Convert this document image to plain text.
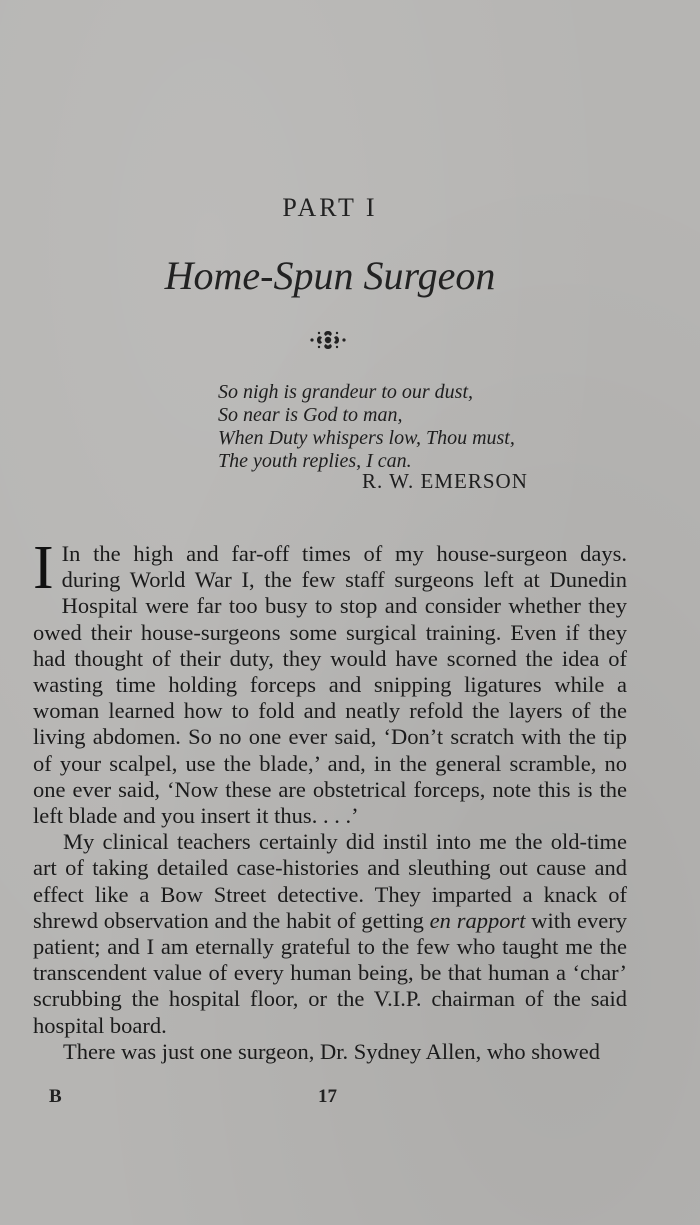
PART I
Home-Spun Surgeon
So nigh is grandeur to our dust,
So near is God to man,
When Duty whispers low, Thou must,
The youth replies, I can.
R. W. EMERSON

I In the high and far-off times of my house-surgeon days. during World War I, the few staff surgeons left at Dunedin Hospital were far too busy to stop and consider whether they owed their house-surgeons some surgical training. Even if they had thought of their duty, they would have scorned the idea of wasting time holding forceps and snipping ligatures while a woman learned how to fold and neatly refold the layers of the living abdomen. So no one ever said, ‘Don’t scratch with the tip of your scalpel, use the blade,’ and, in the general scramble, no one ever said, ‘Now these are obstetrical forceps, note this is the left blade and you insert it thus. . . .’

My clinical teachers certainly did instil into me the old-time art of taking detailed case-histories and sleuthing out cause and effect like a Bow Street detective. They imparted a knack of shrewd observation and the habit of getting en rapport with every patient; and I am eternally grateful to the few who taught me the transcendent value of every human being, be that human a ‘char’ scrubbing the hospital floor, or the V.I.P. chairman of the said hospital board.

There was just one surgeon, Dr. Sydney Allen, who showed

B	17
